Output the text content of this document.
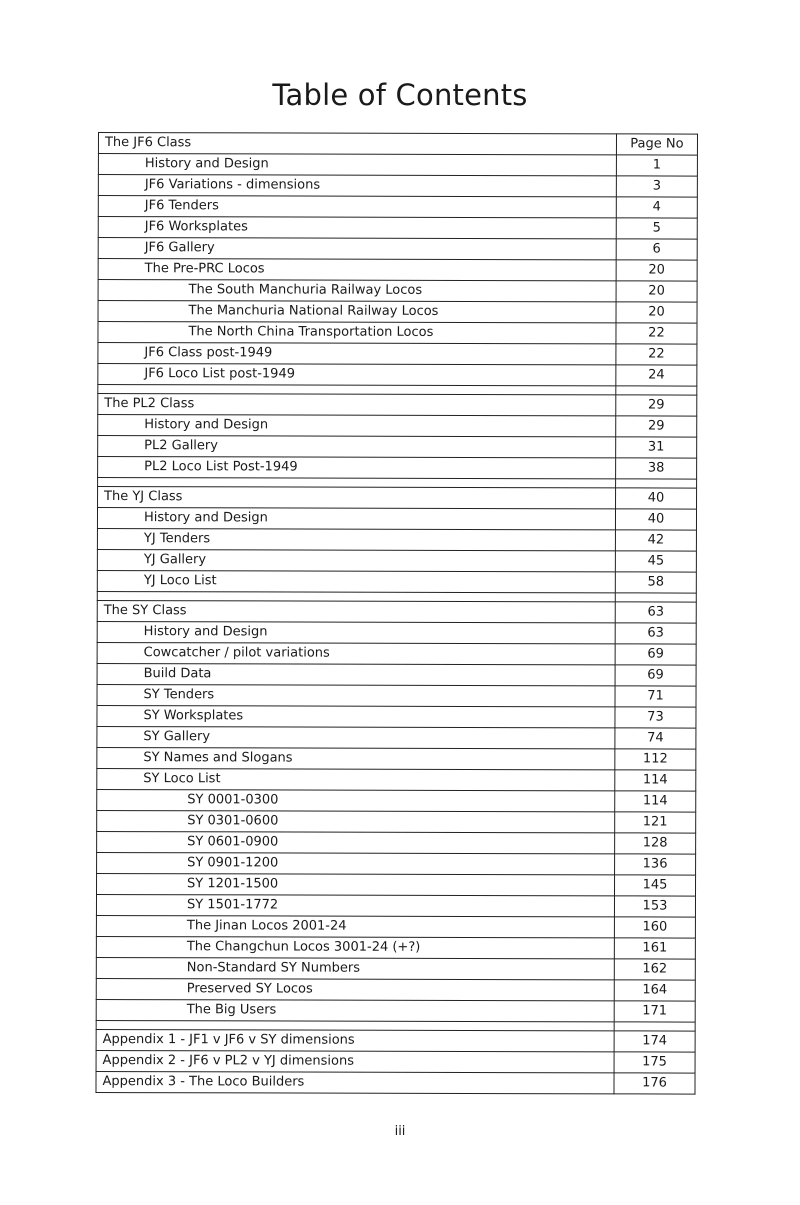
Table of Contents
The JF6 Class	Page No
History and Design	1
JF6 Variations - dimensions	3
JF6 Tenders	4
JF6 Worksplates	5
JF6 Gallery	6
The Pre-PRC Locos	20
The South Manchuria Railway Locos	20
The Manchuria National Railway Locos	20
The North China Transportation Locos	22
JF6 Class post-1949	22
JF6 Loco List post-1949	24

The PL2 Class	29
History and Design	29
PL2 Gallery	31
PL2 Loco List Post-1949	38

The YJ Class	40
History and Design	40
YJ Tenders	42
YJ Gallery	45
YJ Loco List	58

The SY Class	63
History and Design	63
Cowcatcher / pilot variations	69
Build Data	69
SY Tenders	71
SY Worksplates	73
SY Gallery	74
SY Names and Slogans	112
SY Loco List	114
SY 0001-0300	114
SY 0301-0600	121
SY 0601-0900	128
SY 0901-1200	136
SY 1201-1500	145
SY 1501-1772	153
The Jinan Locos 2001-24	160
The Changchun Locos 3001-24 (+?)	161
Non-Standard SY Numbers	162
Preserved SY Locos	164
The Big Users	171

Appendix 1 - JF1 v JF6 v SY dimensions	174
Appendix 2 - JF6 v PL2 v YJ dimensions	175
Appendix 3 - The Loco Builders	176
iii
